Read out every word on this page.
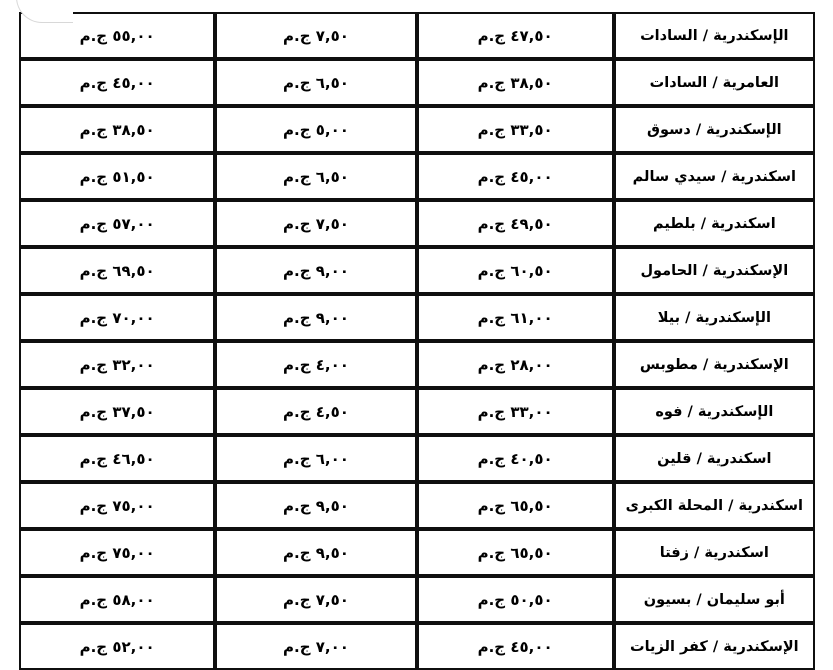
الإسكندرية / السادات	٤٧,٥٠ ج.م	٧,٥٠ ج.م	٥٥,٠٠ ج.م
العامرية / السادات	٣٨,٥٠ ج.م	٦,٥٠ ج.م	٤٥,٠٠ ج.م
الإسكندرية / دسوق	٣٣,٥٠ ج.م	٥,٠٠ ج.م	٣٨,٥٠ ج.م
اسكندرية / سيدي سالم	٤٥,٠٠ ج.م	٦,٥٠ ج.م	٥١,٥٠ ج.م
اسكندرية / بلطيم	٤٩,٥٠ ج.م	٧,٥٠ ج.م	٥٧,٠٠ ج.م
الإسكندرية / الحامول	٦٠,٥٠ ج.م	٩,٠٠ ج.م	٦٩,٥٠ ج.م
الإسكندرية / بيلا	٦١,٠٠ ج.م	٩,٠٠ ج.م	٧٠,٠٠ ج.م
الإسكندرية / مطوبس	٢٨,٠٠ ج.م	٤,٠٠ ج.م	٣٢,٠٠ ج.م
الإسكندرية / فوه	٣٣,٠٠ ج.م	٤,٥٠ ج.م	٣٧,٥٠ ج.م
اسكندرية / قلين	٤٠,٥٠ ج.م	٦,٠٠ ج.م	٤٦,٥٠ ج.م
اسكندرية / المحلة الكبرى	٦٥,٥٠ ج.م	٩,٥٠ ج.م	٧٥,٠٠ ج.م
اسكندرية / زفتا	٦٥,٥٠ ج.م	٩,٥٠ ج.م	٧٥,٠٠ ج.م
أبو سليمان / بسيون	٥٠,٥٠ ج.م	٧,٥٠ ج.م	٥٨,٠٠ ج.م
الإسكندرية / كفر الزيات	٤٥,٠٠ ج.م	٧,٠٠ ج.م	٥٢,٠٠ ج.م
